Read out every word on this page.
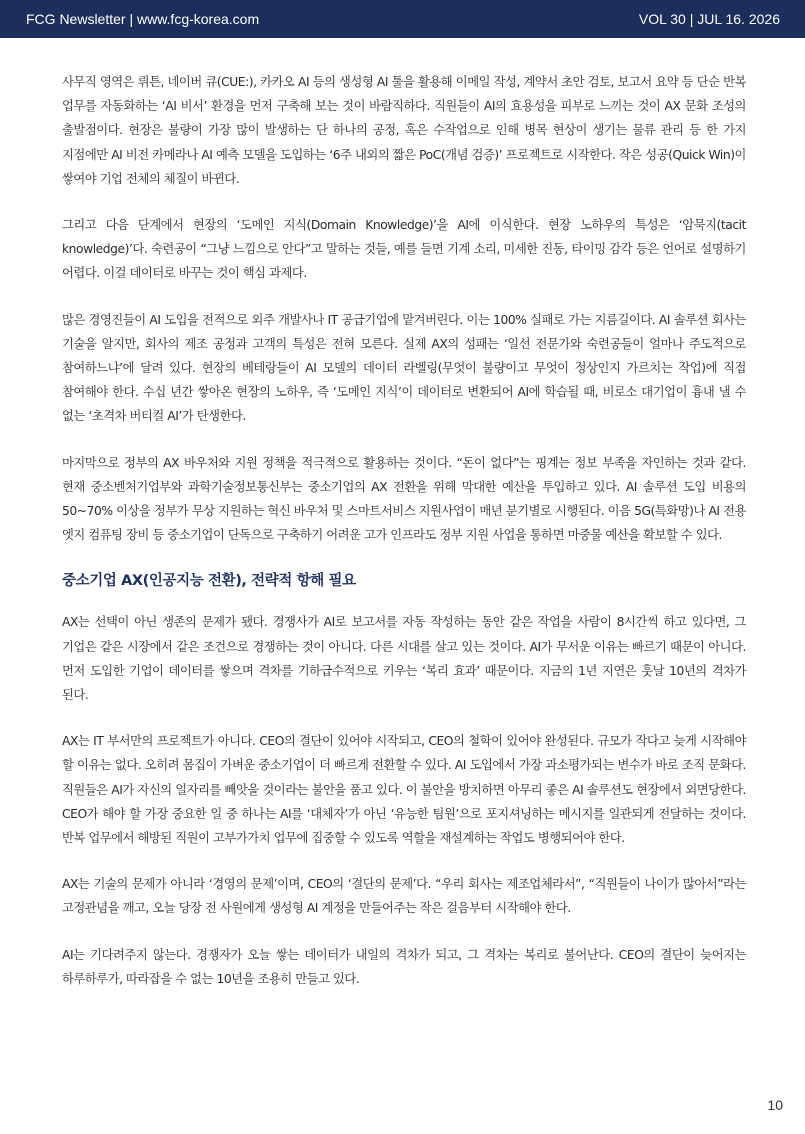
FCG Newsletter | www.fcg-korea.com	VOL 30 | JUL 16. 2026

사무직 영역은 뤼튼, 네이버 큐(CUE:), 카카오 AI 등의 생성형 AI 툴을 활용해 이메일 작성, 계약서 초안 검토, 보고서 요약 등 단순 반복 업무를 자동화하는 ‘AI 비서’ 환경을 먼저 구축해 보는 것이 바람직하다. 직원들이 AI의 효용성을 피부로 느끼는 것이 AX 문화 조성의 출발점이다. 현장은 불량이 가장 많이 발생하는 단 하나의 공정, 혹은 수작업으로 인해 병목 현상이 생기는 물류 관리 등 한 가지 지점에만 AI 비전 카메라나 AI 예측 모델을 도입하는 ‘6주 내외의 짧은 PoC(개념 검증)’ 프로젝트로 시작한다. 작은 성공(Quick Win)이 쌓여야 기업 전체의 체질이 바뀐다.

그리고 다음 단계에서 현장의 ‘도메인 지식(Domain Knowledge)’을 AI에 이식한다. 현장 노하우의 특성은 ‘암묵지(tacit knowledge)’다. 숙련공이 “그냥 느낌으로 안다”고 말하는 것들, 예를 들면 기계 소리, 미세한 진동, 타이밍 감각 등은 언어로 설명하기 어렵다. 이걸 데이터로 바꾸는 것이 핵심 과제다.

많은 경영진들이 AI 도입을 전적으로 외주 개발사나 IT 공급기업에 맡겨버린다. 이는 100% 실패로 가는 지름길이다. AI 솔루션 회사는 기술을 알지만, 회사의 제조 공정과 고객의 특성은 전혀 모른다. 실제 AX의 성패는 ‘일선 전문가와 숙련공들이 얼마나 주도적으로 참여하느냐’에 달려 있다. 현장의 베테랑들이 AI 모델의 데이터 라벨링(무엇이 불량이고 무엇이 정상인지 가르치는 작업)에 직접 참여해야 한다. 수십 년간 쌓아온 현장의 노하우, 즉 ‘도메인 지식’이 데이터로 변환되어 AI에 학습될 때, 비로소 대기업이 흉내 낼 수 없는 ‘초격차 버티컬 AI’가 탄생한다.

마지막으로 정부의 AX 바우처와 지원 정책을 적극적으로 활용하는 것이다. “돈이 없다”는 핑계는 정보 부족을 자인하는 것과 같다. 현재 중소벤처기업부와 과학기술정보통신부는 중소기업의 AX 전환을 위해 막대한 예산을 투입하고 있다. AI 솔루션 도입 비용의 50~70% 이상을 정부가 무상 지원하는 혁신 바우처 및 스마트서비스 지원사업이 매년 분기별로 시행된다. 이음 5G(특화망)나 AI 전용 엣지 컴퓨팅 장비 등 중소기업이 단독으로 구축하기 어려운 고가 인프라도 정부 지원 사업을 통하면 마중물 예산을 확보할 수 있다.

중소기업 AX(인공지능 전환), 전략적 항해 필요

AX는 선택이 아닌 생존의 문제가 됐다. 경쟁사가 AI로 보고서를 자동 작성하는 동안 같은 작업을 사람이 8시간씩 하고 있다면, 그 기업은 같은 시장에서 같은 조건으로 경쟁하는 것이 아니다. 다른 시대를 살고 있는 것이다. AI가 무서운 이유는 빠르기 때문이 아니다. 먼저 도입한 기업이 데이터를 쌓으며 격차를 기하급수적으로 키우는 ‘복리 효과’ 때문이다. 지금의 1년 지연은 훗날 10년의 격차가 된다.

AX는 IT 부서만의 프로젝트가 아니다. CEO의 결단이 있어야 시작되고, CEO의 철학이 있어야 완성된다. 규모가 작다고 늦게 시작해야 할 이유는 없다. 오히려 몸집이 가벼운 중소기업이 더 빠르게 전환할 수 있다. AI 도입에서 가장 과소평가되는 변수가 바로 조직 문화다. 직원들은 AI가 자신의 일자리를 빼앗을 것이라는 불안을 품고 있다. 이 불안을 방치하면 아무리 좋은 AI 솔루션도 현장에서 외면당한다. CEO가 해야 할 가장 중요한 일 중 하나는 AI를 ‘대체자’가 아닌 ‘유능한 팀원’으로 포지셔닝하는 메시지를 일관되게 전달하는 것이다. 반복 업무에서 해방된 직원이 고부가가치 업무에 집중할 수 있도록 역할을 재설계하는 작업도 병행되어야 한다.

AX는 기술의 문제가 아니라 ‘경영의 문제’이며, CEO의 ‘결단의 문제’다. “우리 회사는 제조업체라서”, “직원들이 나이가 많아서”라는 고정관념을 깨고, 오늘 당장 전 사원에게 생성형 AI 계정을 만들어주는 작은 걸음부터 시작해야 한다.

AI는 기다려주지 않는다. 경쟁자가 오늘 쌓는 데이터가 내일의 격차가 되고, 그 격차는 복리로 불어난다. CEO의 결단이 늦어지는 하루하루가, 따라잡을 수 없는 10년을 조용히 만들고 있다.

10
